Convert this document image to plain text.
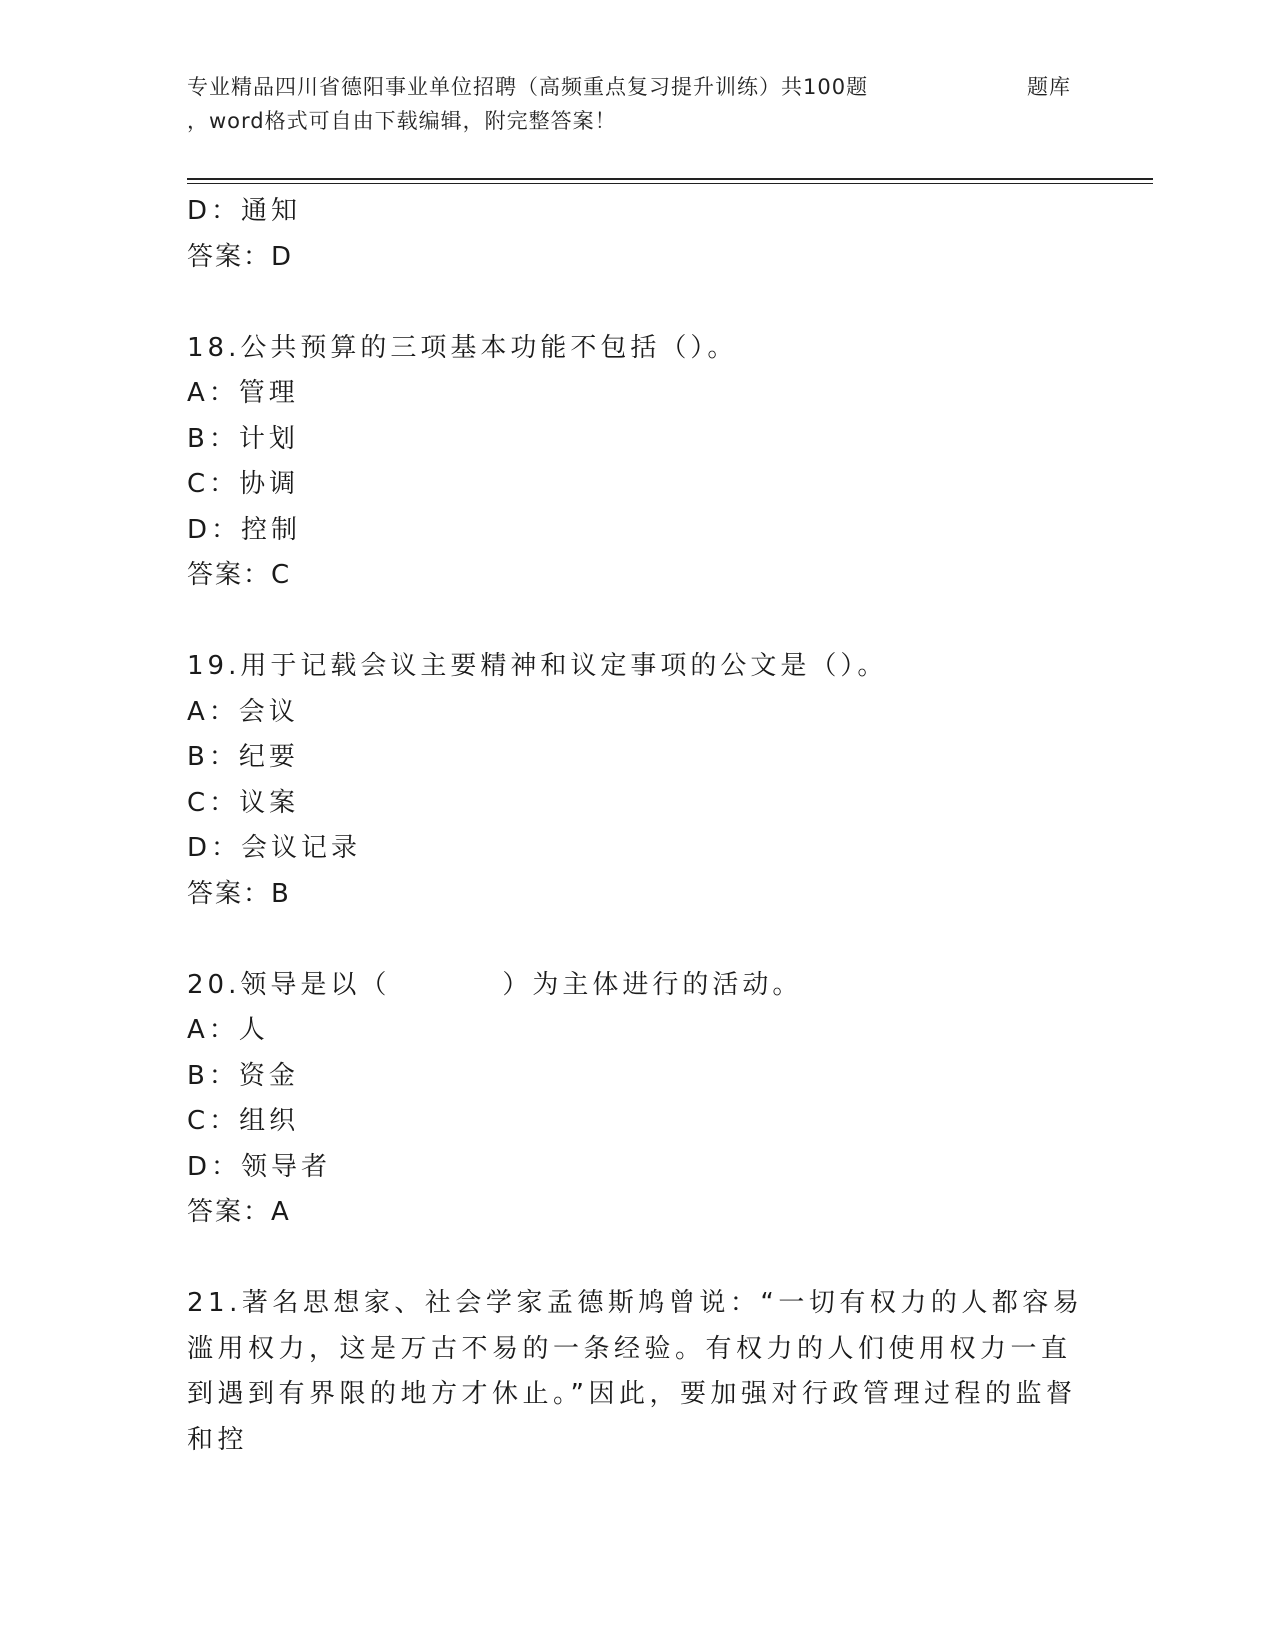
专业精品四川省德阳事业单位招聘（高频重点复习提升训练）共100题	题库
，word格式可自由下载编辑，附完整答案！
D：通知
答案：D
18.公共预算的三项基本功能不包括（）。
A：管理
B：计划
C：协调
D：控制
答案：C
19.用于记载会议主要精神和议定事项的公文是（）。
A：会议
B：纪要
C：议案
D：会议记录
答案：B
20.领导是以（	）为主体进行的活动。
A：人
B：资金
C：组织
D：领导者
答案：A
21.著名思想家、社会学家孟德斯鸠曾说：“一切有权力的人都容易滥用权力，这是万古不易的一条经验。有权力的人们使用权力一直到遇到有界限的地方才休止。”因此，要加强对行政管理过程的监督和控
